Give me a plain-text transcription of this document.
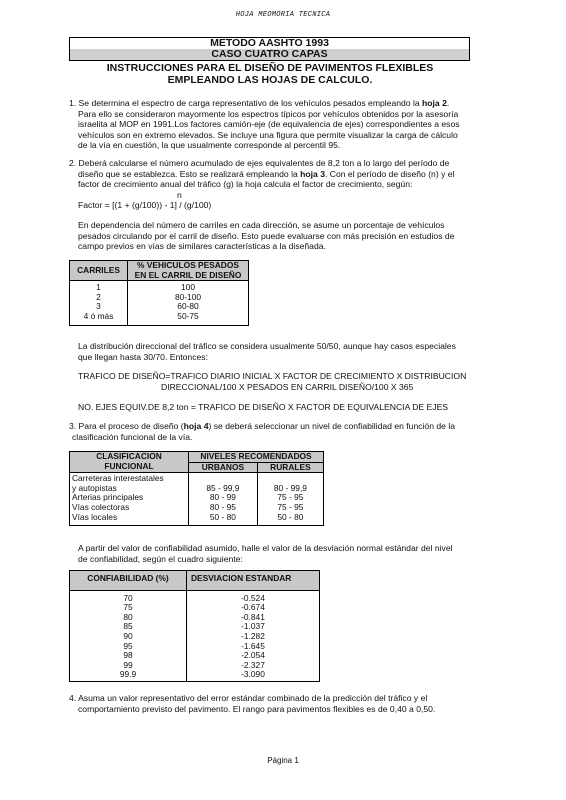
HOJA MEOMORIA TECNICA
METODO AASHTO 1993
CASO CUATRO CAPAS
INSTRUCCIONES PARA EL DISEÑO DE PAVIMENTOS FLEXIBLES
EMPLEANDO LAS HOJAS DE CALCULO.
1. Se determina el espectro de carga representativo de los vehículos pesados empleando la hoja 2.
Para ello se consideraron mayormente los espectros típicos por vehículos obtenidos por la asesoría
israelita al MOP en 1991.Los factores camión-eje (de equivalencia de ejes) correspondientes a esos
vehículos son en extremo elevados. Se incluye una figura que permite visualizar la carga de cálculo
de la vía en cuestión, la que usualmente corresponde al percentil 95.
2. Deberá calcularse el número acumulado de ejes equivalentes de 8,2 ton a lo largo del período de
diseño que se establezca. Esto se realizará empleando la hoja 3. Con el período de diseño (n) y el
factor de crecimiento anual del tráfico (g) la hoja calcula el factor de crecimiento, según:
n
Factor = [(1 + (g/100)) - 1] / (g/100)
En dependencia del número de carriles en cada dirección, se asume un porcentaje de vehículos
pesados circulando por el carril de diseño. Esto puede evaluarse con más precisión en estudios de
campo previos en vías de similares características a la diseñada.
CARRILES	% VEHICULOS PESADOS
	EN EL CARRIL DE DISEÑO
1	100
2	80-100
3	60-80
4 ó más	50-75
La distribución direccional del tráfico se considera usualmente 50/50, aunque hay casos especiales
que llegan hasta 30/70. Entonces:
TRAFICO DE DISEÑO=TRAFICO DIARIO INICIAL X FACTOR DE CRECIMIENTO X DISTRIBUCION
DIRECCIONAL/100 X PESADOS EN CARRIL DISEÑO/100 X 365
NO. EJES EQUIV.DE 8,2 ton = TRAFICO DE DISEÑO X FACTOR DE EQUIVALENCIA DE EJES
3. Para el proceso de diseño (hoja 4) se deberá seleccionar un nivel de confiabilidad en función de la
clasificación funcional de la vía.
CLASIFICACION	NIVELES RECOMENDADOS	
FUNCIONAL	URBANOS	RURALES

Carreteras interestatales
y autopistas	85 - 99,9	80 - 99,9
Arterias principales	80 - 99	75 - 95
Vías colectoras	80 - 95	75 - 95
Vías locales	50 - 80	50 - 80
A partir del valor de confiabilidad asumido, halle el valor de la desviación normal estándar del nivel
de confiabilidad, según el cuadro siguiente:
CONFIABILIDAD (%)	DESVIACION ESTANDAR
70	-0.524
75	-0.674
80	-0.841
85	-1.037
90	-1.282
95	-1.645
98	-2.054
99	-2.327
99.9	-3.090
4. Asuma un valor representativo del error estándar combinado de la predicción del tráfico y el
comportamiento previsto del pavimento. El rango para pavimentos flexibles es de 0,40 a 0,50.
Página 1
